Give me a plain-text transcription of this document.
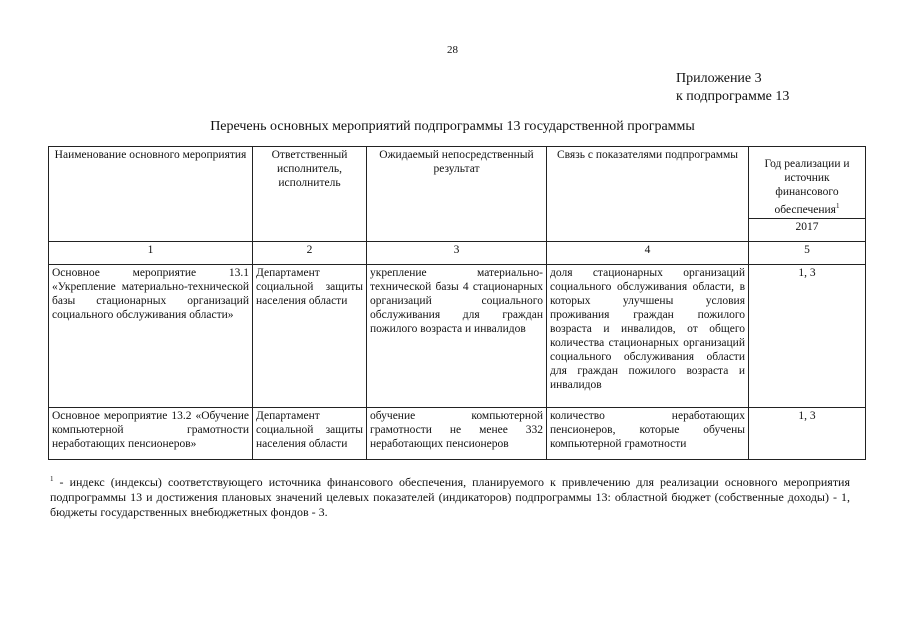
28
Приложение 3
к подпрограмме 13
Перечень основных мероприятий подпрограммы 13 государственной программы
Наименование основного мероприятия	Ответственный исполнитель, исполнитель	Ожидаемый непосредственный результат	Связь с показателями подпрограммы	Год реализации и источник финансового обеспечения$^1$
				2017
1	2	3	4	5
Основное мероприятие 13.1 «Укрепление материально-технической базы стационарных организаций социального обслуживания области»	Департамент социальной защиты населения области	укрепление материально-технической базы 4 стационарных организаций социального обслуживания для граждан пожилого возраста и инвалидов	доля стационарных организаций социального обслуживания области, в которых улучшены условия проживания граждан пожилого возраста и инвалидов, от общего количества стационарных организаций социального обслуживания области для граждан пожилого возраста и инвалидов	1, 3
Основное мероприятие 13.2 «Обучение компьютерной грамотности неработающих пенсионеров»	Департамент социальной защиты населения области	обучение компьютерной грамотности не менее 332 неработающих пенсионеров	количество неработающих пенсионеров, которые обучены компьютерной грамотности	1, 3
$^1$ - индекс (индексы) соответствующего источника финансового обеспечения, планируемого к привлечению для реализации основного мероприятия подпрограммы 13 и достижения плановых значений целевых показателей (индикаторов) подпрограммы 13: областной бюджет (собственные доходы) - 1, бюджеты государственных внебюджетных фондов - 3.
